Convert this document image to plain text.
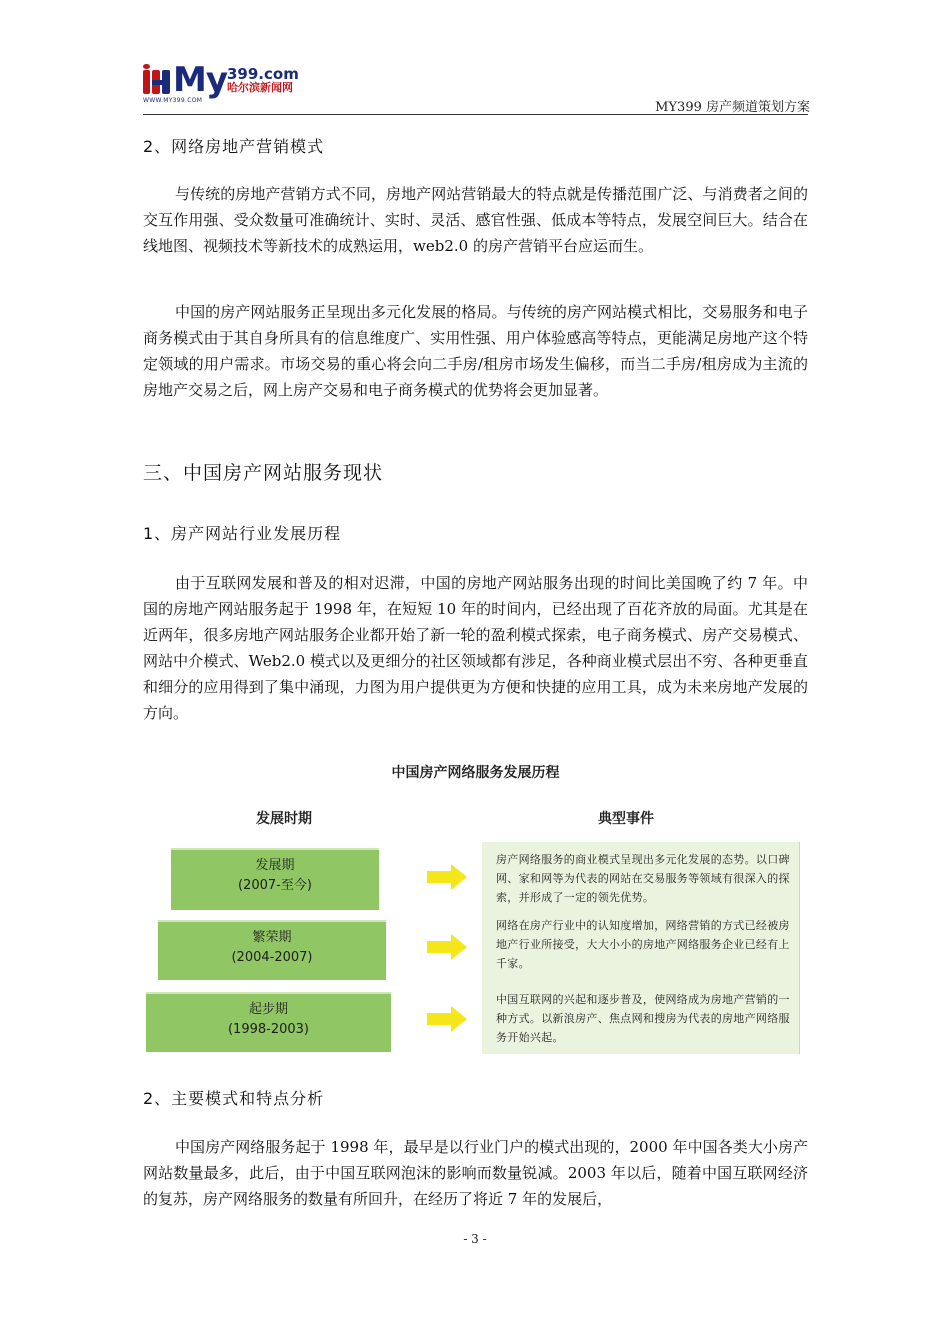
My 399.com
哈尔滨新闻网
WWW.MY399.COM	MY399 房产频道策划方案
2、网络房地产营销模式

与传统的房地产营销方式不同，房地产网站营销最大的特点就是传播范围广泛、与消费者之间的交互作用强、受众数量可准确统计、实时、灵活、感官性强、低成本等特点，发展空间巨大。结合在线地图、视频技术等新技术的成熟运用，web2.0 的房产营销平台应运而生。

中国的房产网站服务正呈现出多元化发展的格局。与传统的房产网站模式相比，交易服务和电子商务模式由于其自身所具有的信息维度广、实用性强、用户体验感高等特点，更能满足房地产这个特定领域的用户需求。市场交易的重心将会向二手房/租房市场发生偏移，而当二手房/租房成为主流的房地产交易之后，网上房产交易和电子商务模式的优势将会更加显著。

三、中国房产网站服务现状
1、房产网站行业发展历程

由于互联网发展和普及的相对迟滞，中国的房地产网站服务出现的时间比美国晚了约 7 年。中国的房地产网站服务起于 1998 年，在短短 10 年的时间内，已经出现了百花齐放的局面。尤其是在近两年，很多房地产网站服务企业都开始了新一轮的盈利模式探索，电子商务模式、房产交易模式、网站中介模式、Web2.0 模式以及更细分的社区领域都有涉足，各种商业模式层出不穷、各种更垂直和细分的应用得到了集中涌现，力图为用户提供更为方便和快捷的应用工具，成为未来房地产发展的方向。

中国房产网络服务发展历程
发展时期	典型事件
发展期
(2007-至今)
繁荣期
(2004-2007)
起步期
(1998-2003)
房产网络服务的商业模式呈现出多元化发展的态势。以口碑网、家和网等为代表的网站在交易服务等领域有很深入的探索，并形成了一定的领先优势。
网络在房产行业中的认知度增加，网络营销的方式已经被房地产行业所接受，大大小小的房地产网络服务企业已经有上千家。
中国互联网的兴起和逐步普及，使网络成为房地产营销的一种方式。以新浪房产、焦点网和搜房为代表的房地产网络服务开始兴起。
2、主要模式和特点分析

中国房产网络服务起于 1998 年，最早是以行业门户的模式出现的，2000 年中国各类大小房产网站数量最多，此后，由于中国互联网泡沫的影响而数量锐减。2003 年以后，随着中国互联网经济的复苏，房产网络服务的数量有所回升，在经历了将近 7 年的发展后，

- 3 -
